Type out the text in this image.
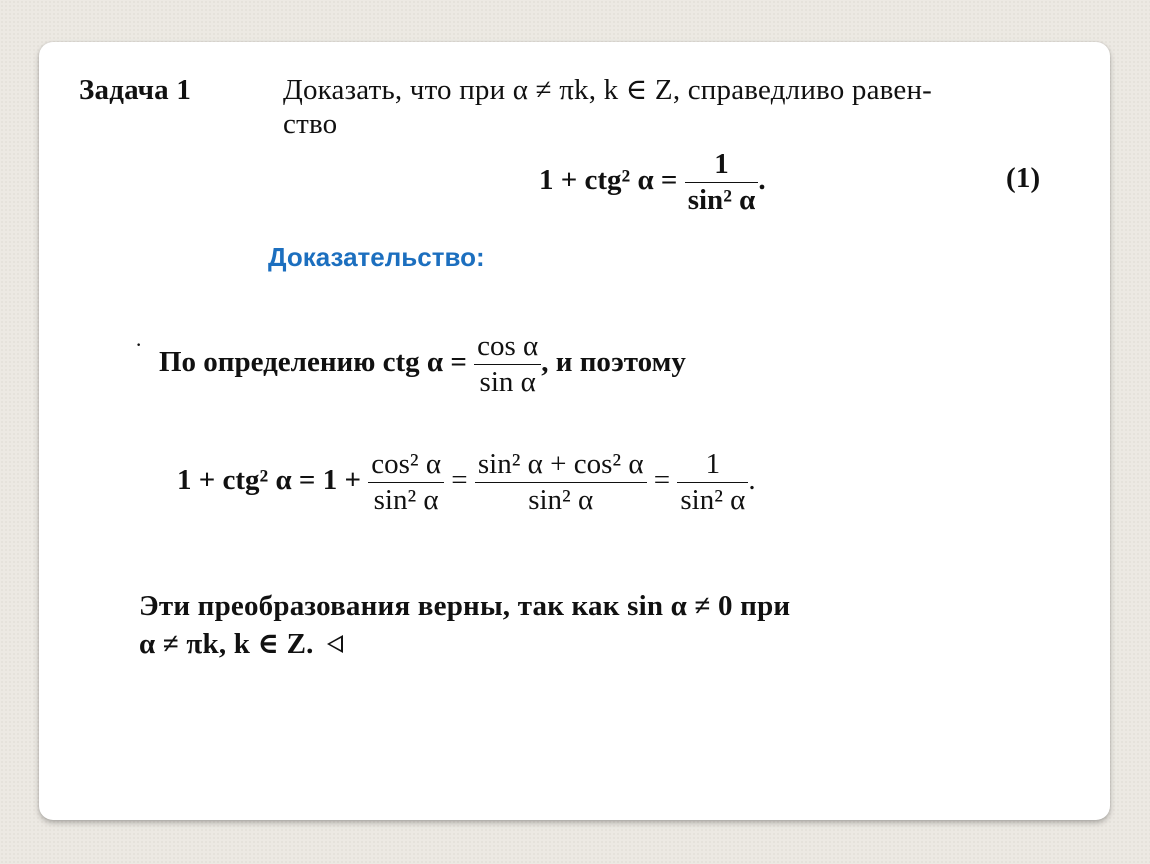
Задача 1	Доказать, что при α ≠ πk, k ∈ Z, справедливо равен-
ство
1 + ctg² $\alpha = \frac{1}{\text{sin² α}}$ .	(1)
Доказательство:
·
По определению ctg $\alpha = \frac{\text{cos α}}{\text{sin α}}$ , и поэтому
1 + ctg² $\alpha = 1 + \frac{\text{cos² α}}{\text{sin² α}} = \frac{\text{sin² α + cos² α}}{\text{sin² α}} = \frac{1}{\text{sin² α}}$ .
Эти преобразования верны, так как sin α ≠ 0 при
α ≠ πk, k ∈ Z.
